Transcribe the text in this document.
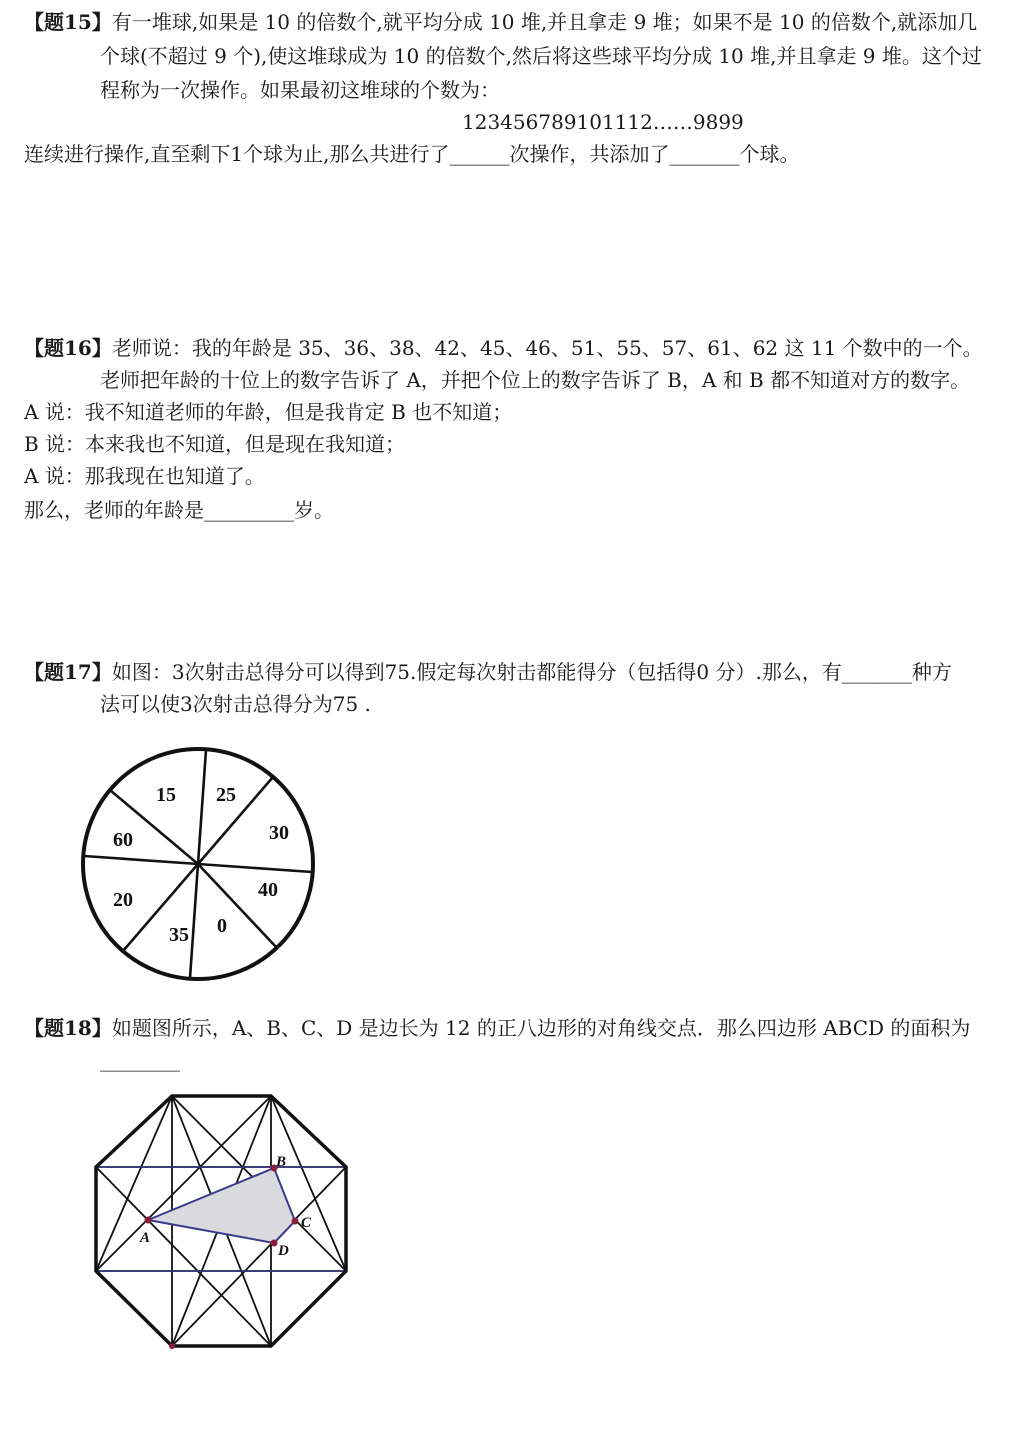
【题15】有一堆球,如果是 10 的倍数个,就平均分成 10 堆,并且拿走 9 堆；如果不是 10 的倍数个,就添加几
个球(不超过 9 个),使这堆球成为 10 的倍数个,然后将这些球平均分成 10 堆,并且拿走 9 堆。这个过
程称为一次操作。如果最初这堆球的个数为：
123456789101112……9899
连续进行操作,直至剩下1个球为止,那么共进行了______次操作，共添加了_______个球。
【题16】老师说：我的年龄是 35、36、38、42、45、46、51、55、57、61、62 这 11 个数中的一个。
老师把年龄的十位上的数字告诉了 A，并把个位上的数字告诉了 B，A 和 B 都不知道对方的数字。
A 说：我不知道老师的年龄，但是我肯定 B 也不知道；
B 说：本来我也不知道，但是现在我知道；
A 说：那我现在也知道了。
那么，老师的年龄是_________岁。
【题17】如图：3次射击总得分可以得到75.假定每次射击都能得分（包括得0 分）.那么，有_______种方
法可以使3次射击总得分为75 .
15 25
30
40
0
35
20
60
【题18】如题图所示，A、B、C、D 是边长为 12 的正八边形的对角线交点．那么四边形 ABCD 的面积为
________
A
B
C
D
